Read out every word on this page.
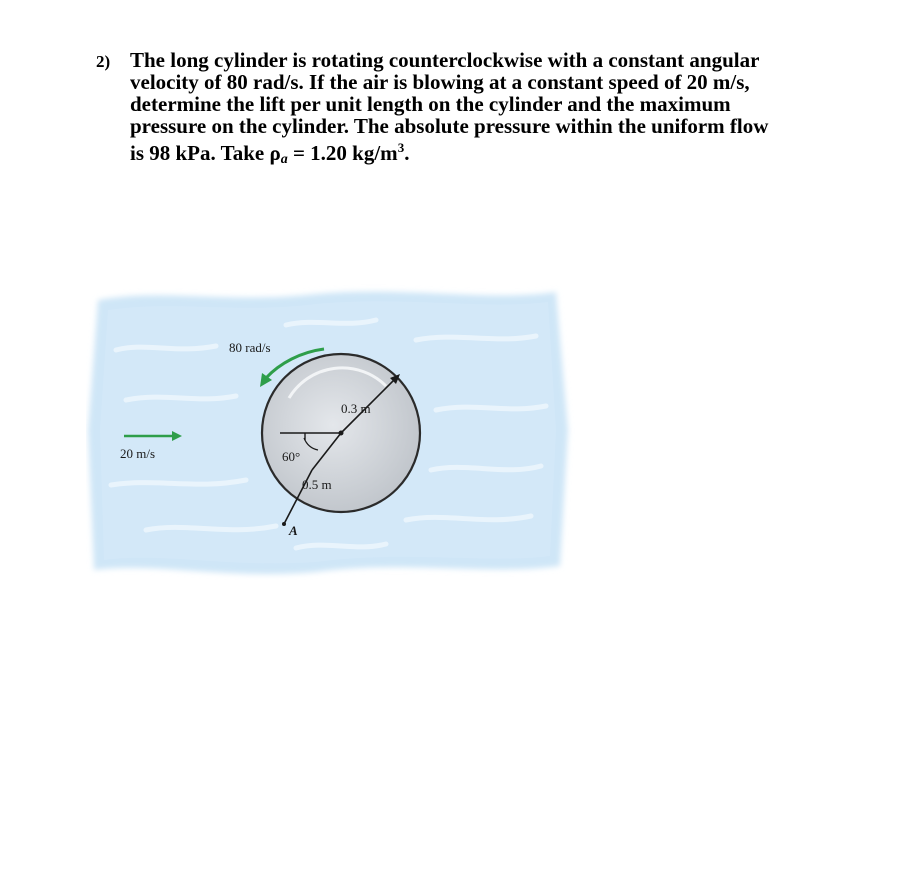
2) The long cylinder is rotating counterclockwise with a constant angular
velocity of 80 rad/s. If the air is blowing at a constant speed of 20 m/s,
determine the lift per unit length on the cylinder and the maximum
pressure on the cylinder. The absolute pressure within the uniform flow
is 98 kPa. Take ρa = 1.20 $kg/m^3$.
80 rad/s
0.3 m
60°
0.5 m
A
20 m/s
